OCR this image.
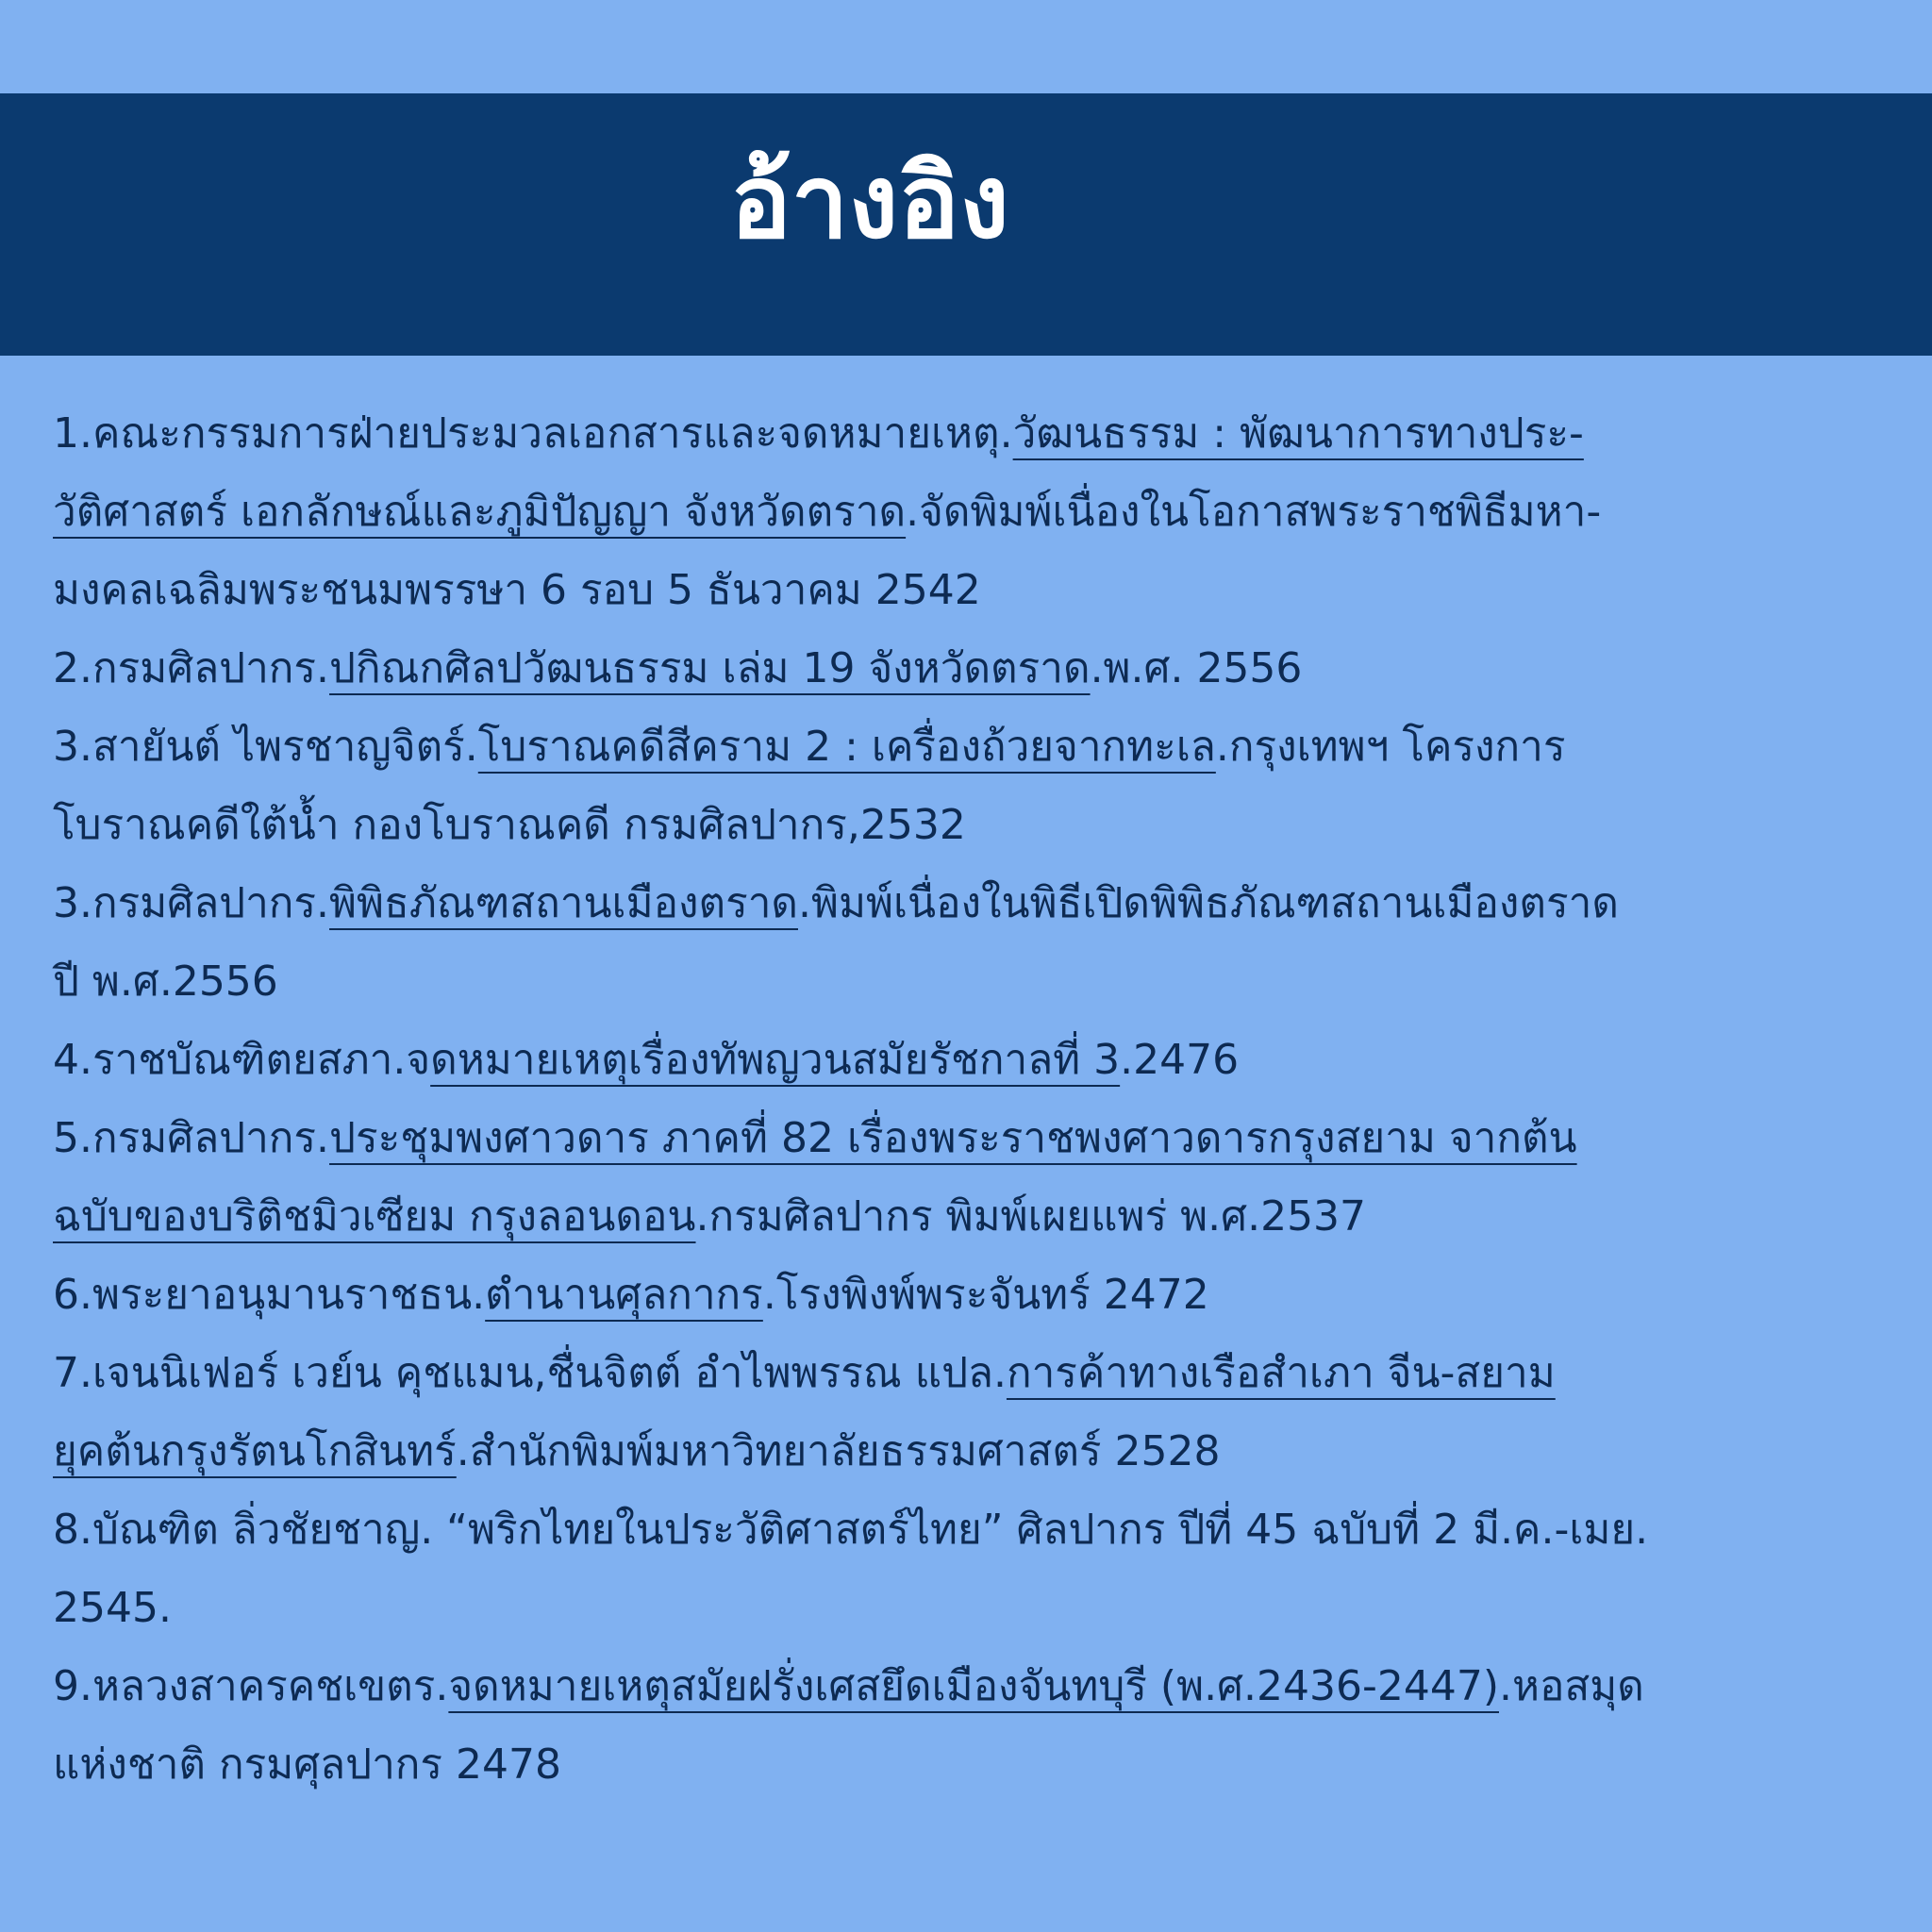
อ้างอิง
1.คณะกรรมการฝ่ายประมวลเอกสารและจดหมายเหตุ.วัฒนธรรม : พัฒนาการทางประ-
วัติศาสตร์ เอกลักษณ์และภูมิปัญญา จังหวัดตราด.จัดพิมพ์เนื่องในโอกาสพระราชพิธีมหา-
มงคลเฉลิมพระชนมพรรษา 6 รอบ 5 ธันวาคม 2542
2.กรมศิลปากร.ปกิณกศิลปวัฒนธรรม เล่ม 19 จังหวัดตราด.พ.ศ. 2556
3.สายันต์ ไพรชาญจิตร์.โบราณคดีสีคราม 2 : เครื่องถ้วยจากทะเล.กรุงเทพฯ โครงการ
โบราณคดีใต้น้ำ กองโบราณคดี กรมศิลปากร,2532
3.กรมศิลปากร.พิพิธภัณฑสถานเมืองตราด.พิมพ์เนื่องในพิธีเปิดพิพิธภัณฑสถานเมืองตราด
ปี พ.ศ.2556
4.ราชบัณฑิตยสภา.จดหมายเหตุเรื่องทัพญวนสมัยรัชกาลที่ 3.2476
5.กรมศิลปากร.ประชุมพงศาวดาร ภาคที่ 82 เรื่องพระราชพงศาวดารกรุงสยาม จากต้น
ฉบับของบริติชมิวเซียม กรุงลอนดอน.กรมศิลปากร พิมพ์เผยแพร่ พ.ศ.2537
6.พระยาอนุมานราชธน.ตำนานศุลกากร.โรงพิงพ์พระจันทร์ 2472
7.เจนนิเฟอร์ เวย์น คุชแมน,ชื่นจิตต์ อำไพพรรณ แปล.การค้าทางเรือสำเภา จีน-สยาม
ยุคต้นกรุงรัตนโกสินทร์.สำนักพิมพ์มหาวิทยาลัยธรรมศาสตร์ 2528
8.บัณฑิต ลิ่วชัยชาญ. “พริกไทยในประวัติศาสตร์ไทย” ศิลปากร ปีที่ 45 ฉบับที่ 2 มี.ค.-เมย.
2545.
9.หลวงสาครคชเขตร.จดหมายเหตุสมัยฝรั่งเศสยึดเมืองจันทบุรี (พ.ศ.2436-2447).หอสมุด
แห่งชาติ กรมศุลปากร 2478
